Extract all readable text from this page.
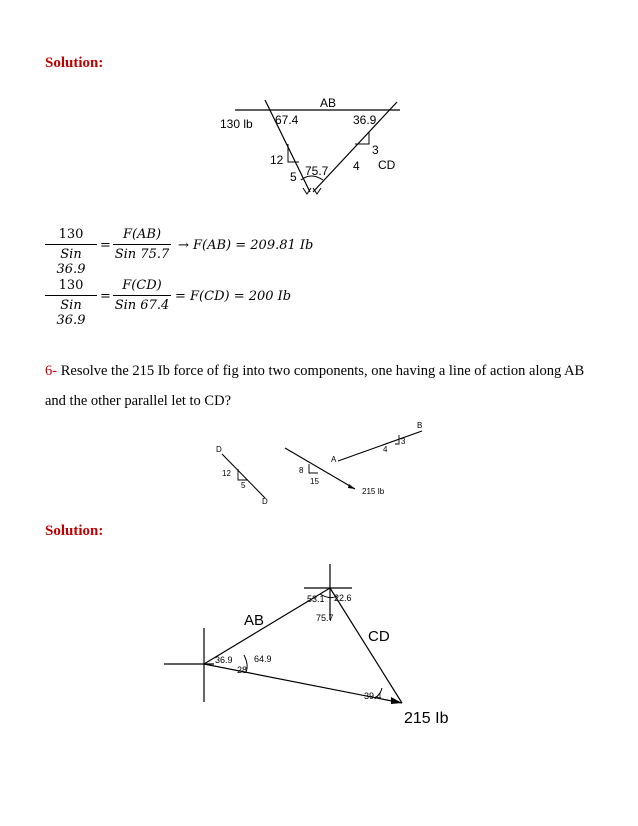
Solution:
AB
130 lb 67.4	36.9
12
5
3
4
75.7	CD
130
Sin 36.9
=
F(AB)
Sin 75.7
→ F(AB) = 209.81 Ib
130
Sin 36.9
=
F(CD)
Sin 67.4
= F(CD) = 200 Ib
6- Resolve the 215 Ib force of fig into two components, one having a line of action along AB
and the other parallel let to CD?
D
D
12
5
8
15
215 Ib
A
B
3
4
Solution:
AB
CD
215 Ib
53.1 22.6
75.7
36.9 64.9
28
39.4
